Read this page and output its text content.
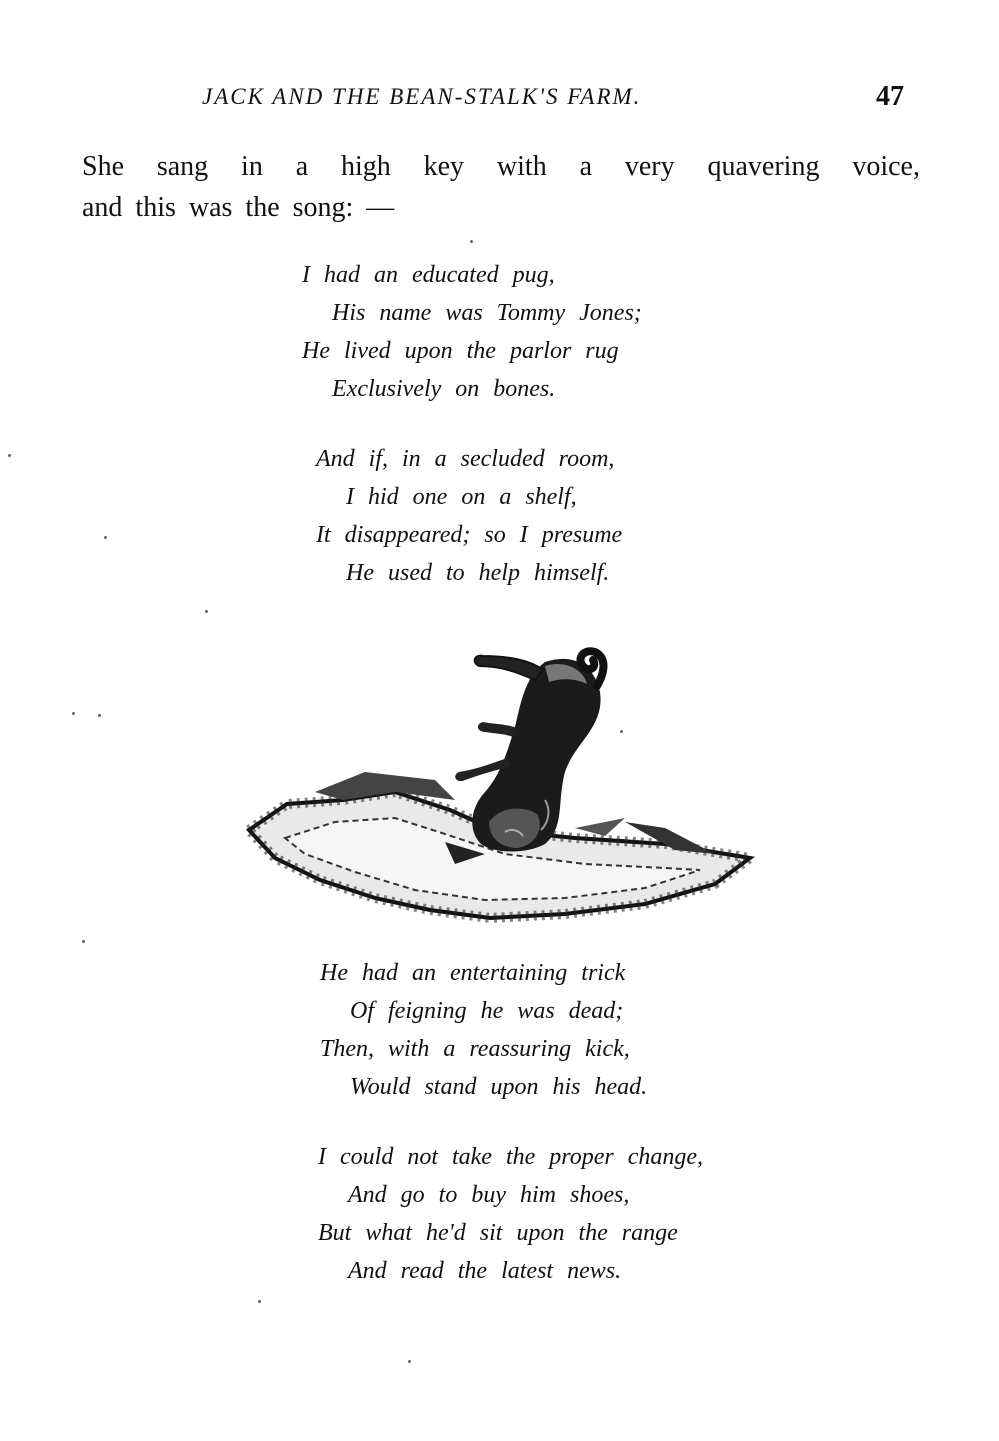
JACK AND THE BEAN-STALK'S FARM.	47
She sang in a high key with a very quavering voice,
and this was the song: —
I had an educated pug,
His name was Tommy Jones;
He lived upon the parlor rug
Exclusively on bones.
And if, in a secluded room,
I hid one on a shelf,
It disappeared; so I presume
He used to help himself.
He had an entertaining trick
Of feigning he was dead;
Then, with a reassuring kick,
Would stand upon his head.
I could not take the proper change,
And go to buy him shoes,
But what he'd sit upon the range
And read the latest news.
